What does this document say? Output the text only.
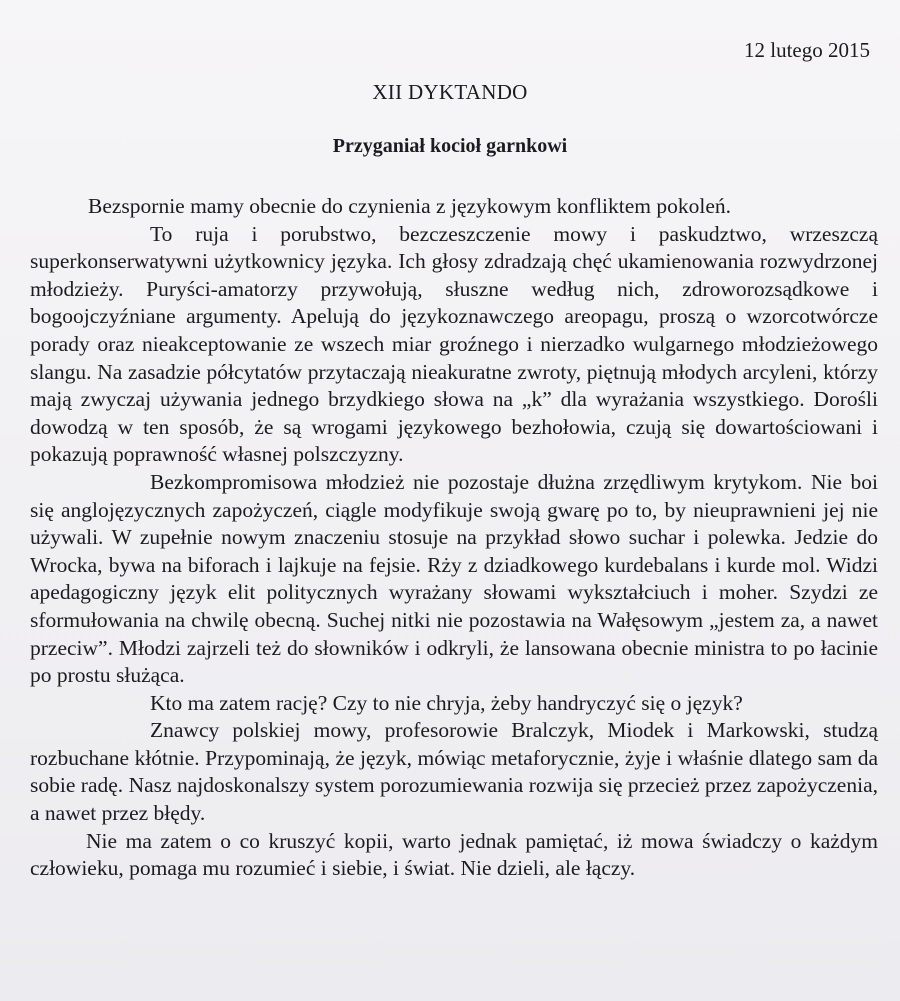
12 lutego 2015
XII DYKTANDO
Przyganiał kocioł garnkowi

Bezspornie mamy obecnie do czynienia z językowym konfliktem pokoleń.

To ruja i porubstwo, bezczeszczenie mowy i paskudztwo, wrzeszczą superkonserwatywni użytkownicy języka. Ich głosy zdradzają chęć ukamienowania rozwydrzonej młodzieży. Puryści-amatorzy przywołują, słuszne według nich, zdroworozsądkowe i bogoojczyźniane argumenty. Apelują do językoznawczego areopagu, proszą o wzorcotwórcze porady oraz nieakceptowanie ze wszech miar groźnego i nierzadko wulgarnego młodzieżowego slangu. Na zasadzie półcytatów przytaczają nieakuratne zwroty, piętnują młodych arcyleni, którzy mają zwyczaj używania jednego brzydkiego słowa na „k” dla wyrażania wszystkiego. Dorośli dowodzą w ten sposób, że są wrogami językowego bezhołowia, czują się dowartościowani i pokazują poprawność własnej polszczyzny.

Bezkompromisowa młodzież nie pozostaje dłużna zrzędliwym krytykom. Nie boi się anglojęzycznych zapożyczeń, ciągle modyfikuje swoją gwarę po to, by nieuprawnieni jej nie używali. W zupełnie nowym znaczeniu stosuje na przykład słowo suchar i polewka. Jedzie do Wrocka, bywa na biforach i lajkuje na fejsie. Rży z dziadkowego kurdebalans i kurde mol. Widzi apedagogiczny język elit politycznych wyrażany słowami wykształciuch i moher. Szydzi ze sformułowania na chwilę obecną. Suchej nitki nie pozostawia na Wałęsowym „jestem za, a nawet przeciw”. Młodzi zajrzeli też do słowników i odkryli, że lansowana obecnie ministra to po łacinie po prostu służąca.

Kto ma zatem rację? Czy to nie chryja, żeby handryczyć się o język?

Znawcy polskiej mowy, profesorowie Bralczyk, Miodek i Markowski, studzą rozbuchane kłótnie. Przypominają, że język, mówiąc metaforycznie, żyje i właśnie dlatego sam da sobie radę. Nasz najdoskonalszy system porozumiewania rozwija się przecież przez zapożyczenia, a nawet przez błędy.

Nie ma zatem o co kruszyć kopii, warto jednak pamiętać, iż mowa świadczy o każdym człowieku, pomaga mu rozumieć i siebie, i świat. Nie dzieli, ale łączy.
